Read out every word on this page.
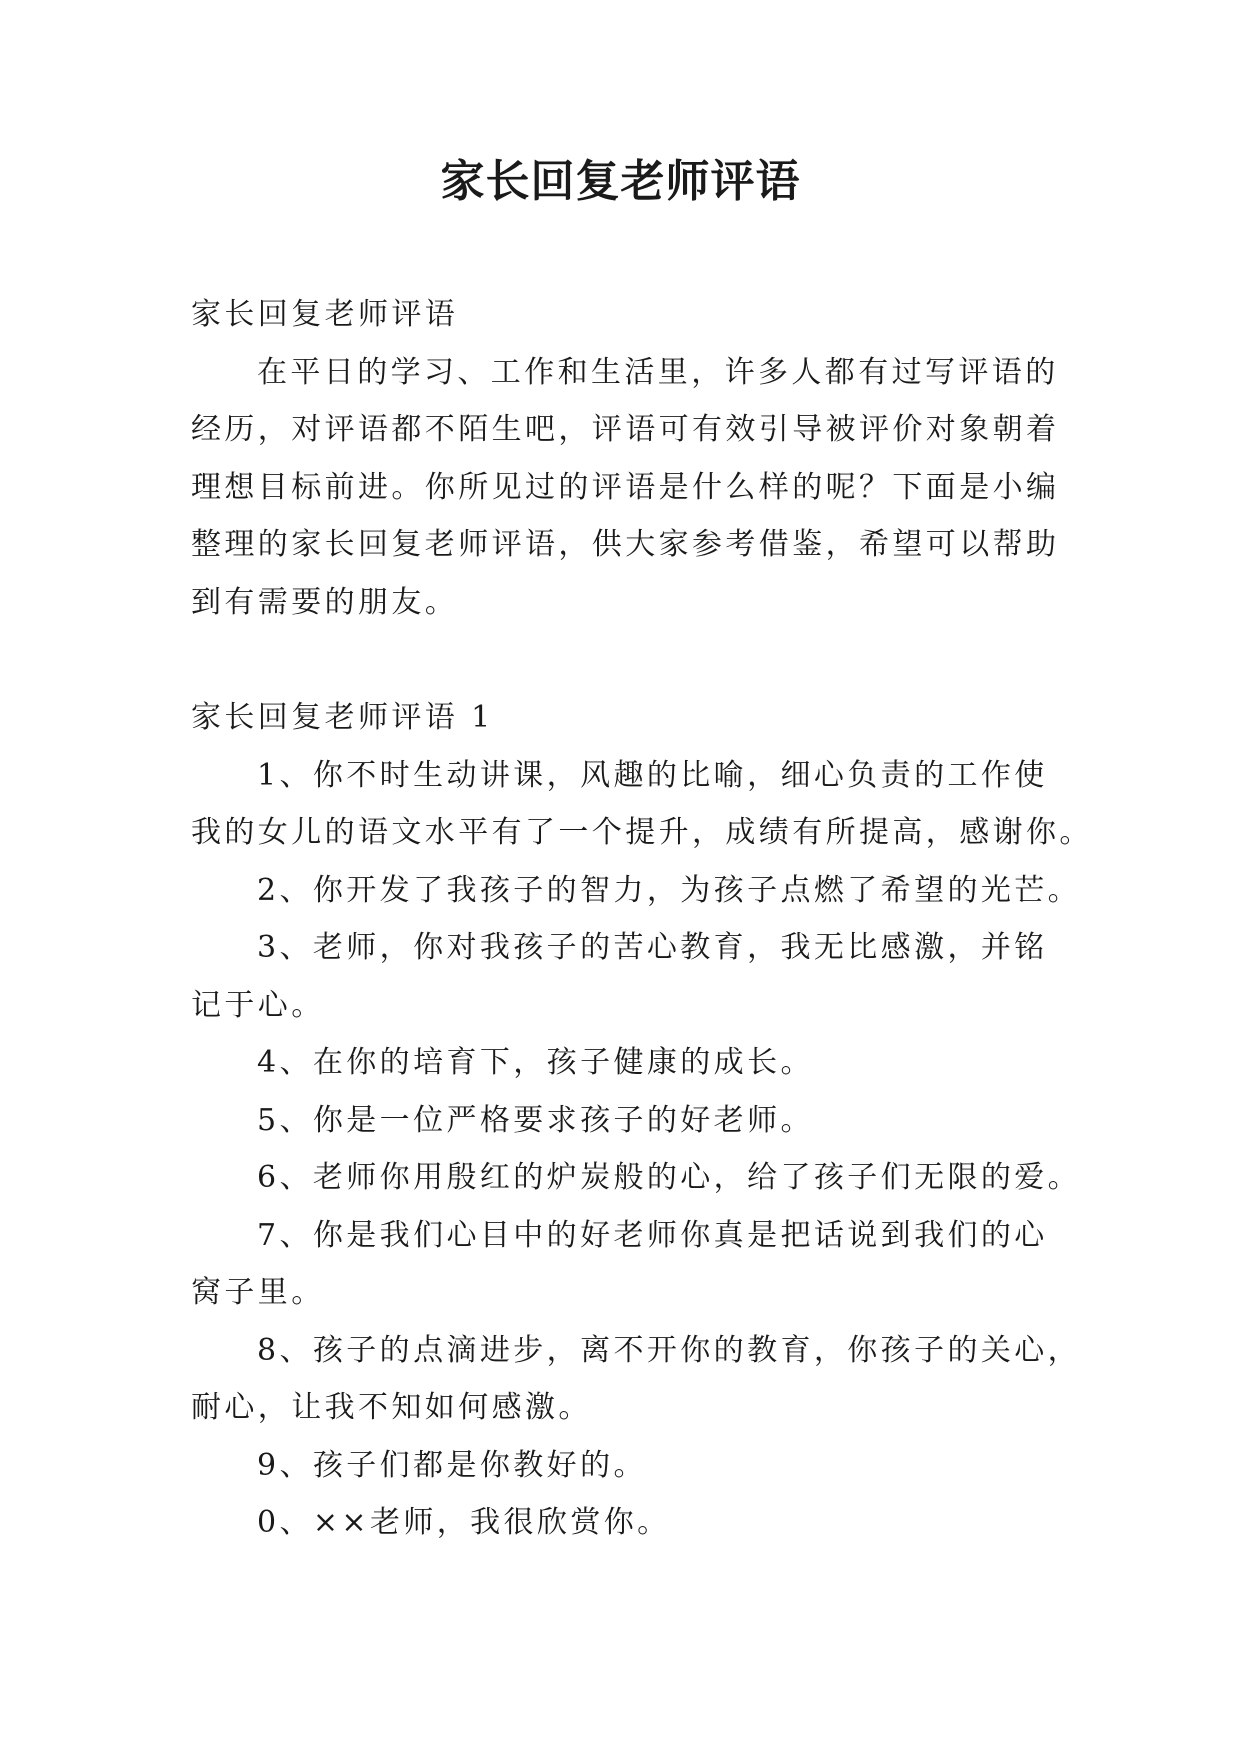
家长回复老师评语
家长回复老师评语
在平日的学习、工作和生活里，许多人都有过写评语的
经历，对评语都不陌生吧，评语可有效引导被评价对象朝着
理想目标前进。你所见过的评语是什么样的呢？下面是小编
整理的家长回复老师评语，供大家参考借鉴，希望可以帮助
到有需要的朋友。
家长回复老师评语 1
1、你不时生动讲课，风趣的比喻，细心负责的工作使
我的女儿的语文水平有了一个提升，成绩有所提高，感谢你。
2、你开发了我孩子的智力，为孩子点燃了希望的光芒。
3、老师，你对我孩子的苦心教育，我无比感激，并铭
记于心。
4、在你的培育下，孩子健康的成长。
5、你是一位严格要求孩子的好老师。
6、老师你用殷红的炉炭般的心，给了孩子们无限的爱。
7、你是我们心目中的好老师你真是把话说到我们的心
窝子里。
8、孩子的点滴进步，离不开你的教育，你孩子的关心，
耐心，让我不知如何感激。
9、孩子们都是你教好的。
0、××老师，我很欣赏你。
